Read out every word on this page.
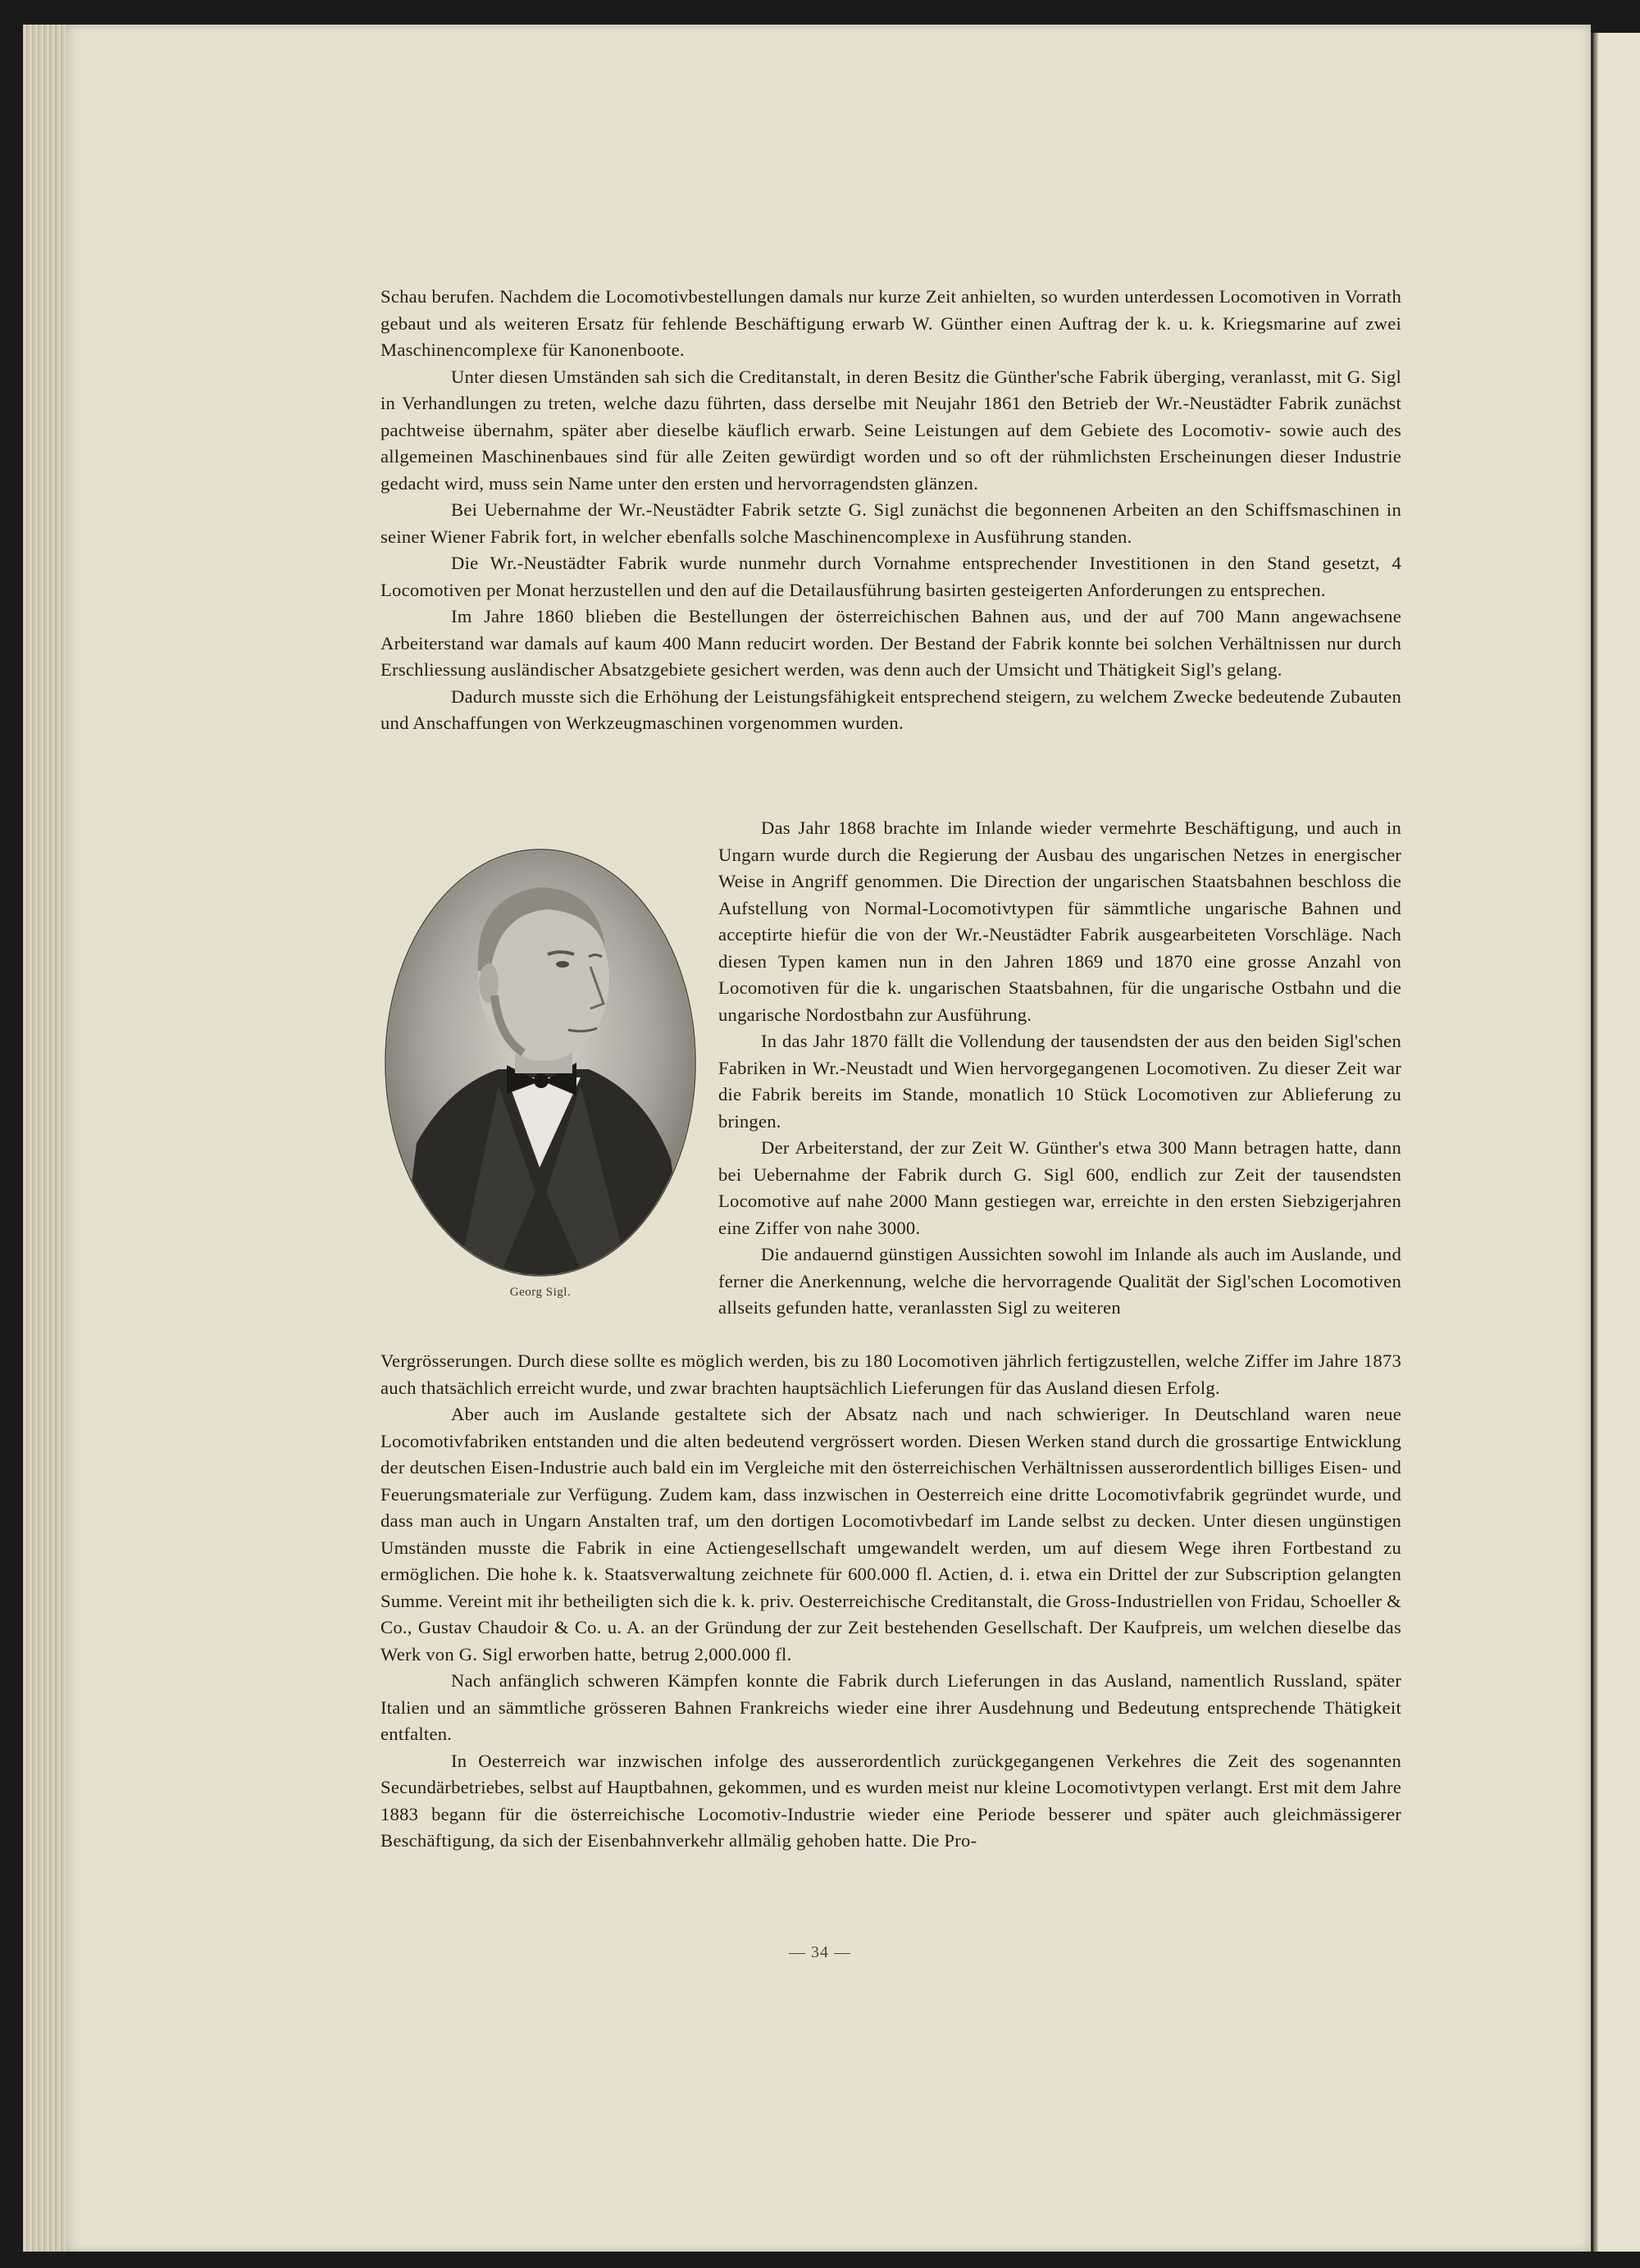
Schau berufen. Nachdem die Locomotivbestellungen damals nur kurze Zeit anhielten, so wurden unterdessen Locomotiven in Vorrath gebaut und als weiteren Ersatz für fehlende Beschäftigung erwarb W. Günther einen Auftrag der k. u. k. Kriegsmarine auf zwei Maschinencomplexe für Kanonenboote.

Unter diesen Umständen sah sich die Creditanstalt, in deren Besitz die Günther'sche Fabrik überging, veranlasst, mit G. Sigl in Verhandlungen zu treten, welche dazu führten, dass derselbe mit Neujahr 1861 den Betrieb der Wr.-Neustädter Fabrik zunächst pachtweise übernahm, später aber dieselbe käuflich erwarb. Seine Leistungen auf dem Gebiete des Locomotiv- sowie auch des allgemeinen Maschinenbaues sind für alle Zeiten gewürdigt worden und so oft der rühmlichsten Erscheinungen dieser Industrie gedacht wird, muss sein Name unter den ersten und hervorragendsten glänzen.

Bei Uebernahme der Wr.-Neustädter Fabrik setzte G. Sigl zunächst die begonnenen Arbeiten an den Schiffsmaschinen in seiner Wiener Fabrik fort, in welcher ebenfalls solche Maschinencomplexe in Ausführung standen.

Die Wr.-Neustädter Fabrik wurde nunmehr durch Vornahme entsprechender Investitionen in den Stand gesetzt, 4 Locomotiven per Monat herzustellen und den auf die Detailausführung basirten gesteigerten Anforderungen zu entsprechen.

Im Jahre 1860 blieben die Bestellungen der österreichischen Bahnen aus, und der auf 700 Mann angewachsene Arbeiterstand war damals auf kaum 400 Mann reducirt worden. Der Bestand der Fabrik konnte bei solchen Verhältnissen nur durch Erschliessung ausländischer Absatzgebiete gesichert werden, was denn auch der Umsicht und Thätigkeit Sigl's gelang.

Dadurch musste sich die Erhöhung der Leistungsfähigkeit entsprechend steigern, zu welchem Zwecke bedeutende Zubauten und Anschaffungen von Werkzeugmaschinen vorgenommen wurden.

Georg Sigl.

Das Jahr 1868 brachte im Inlande wieder vermehrte Beschäftigung, und auch in Ungarn wurde durch die Regierung der Ausbau des ungarischen Netzes in energischer Weise in Angriff genommen. Die Direction der ungarischen Staatsbahnen beschloss die Aufstellung von Normal-Locomotivtypen für sämmtliche ungarische Bahnen und acceptirte hiefür die von der Wr.-Neustädter Fabrik ausgearbeiteten Vorschläge. Nach diesen Typen kamen nun in den Jahren 1869 und 1870 eine grosse Anzahl von Locomotiven für die k. ungarischen Staatsbahnen, für die ungarische Ostbahn und die ungarische Nordostbahn zur Ausführung.

In das Jahr 1870 fällt die Vollendung der tausendsten der aus den beiden Sigl'schen Fabriken in Wr.-Neustadt und Wien hervorgegangenen Locomotiven. Zu dieser Zeit war die Fabrik bereits im Stande, monatlich 10 Stück Locomotiven zur Ablieferung zu bringen.

Der Arbeiterstand, der zur Zeit W. Günther's etwa 300 Mann betragen hatte, dann bei Uebernahme der Fabrik durch G. Sigl 600, endlich zur Zeit der tausendsten Locomotive auf nahe 2000 Mann gestiegen war, erreichte in den ersten Siebzigerjahren eine Ziffer von nahe 3000.

Die andauernd günstigen Aussichten sowohl im Inlande als auch im Auslande, und ferner die Anerkennung, welche die hervorragende Qualität der Sigl'schen Locomotiven allseits gefunden hatte, veranlassten Sigl zu weiteren

Vergrösserungen. Durch diese sollte es möglich werden, bis zu 180 Locomotiven jährlich fertigzustellen, welche Ziffer im Jahre 1873 auch thatsächlich erreicht wurde, und zwar brachten hauptsächlich Lieferungen für das Ausland diesen Erfolg.

Aber auch im Auslande gestaltete sich der Absatz nach und nach schwieriger. In Deutschland waren neue Locomotivfabriken entstanden und die alten bedeutend vergrössert worden. Diesen Werken stand durch die grossartige Entwicklung der deutschen Eisen-Industrie auch bald ein im Vergleiche mit den österreichischen Verhältnissen ausserordentlich billiges Eisen- und Feuerungsmateriale zur Verfügung. Zudem kam, dass inzwischen in Oesterreich eine dritte Locomotivfabrik gegründet wurde, und dass man auch in Ungarn Anstalten traf, um den dortigen Locomotivbedarf im Lande selbst zu decken. Unter diesen ungünstigen Umständen musste die Fabrik in eine Actiengesellschaft umgewandelt werden, um auf diesem Wege ihren Fortbestand zu ermöglichen. Die hohe k. k. Staatsverwaltung zeichnete für 600.000 fl. Actien, d. i. etwa ein Drittel der zur Subscription gelangten Summe. Vereint mit ihr betheiligten sich die k. k. priv. Oesterreichische Creditanstalt, die Gross-Industriellen von Fridau, Schoeller & Co., Gustav Chaudoir & Co. u. A. an der Gründung der zur Zeit bestehenden Gesellschaft. Der Kaufpreis, um welchen dieselbe das Werk von G. Sigl erworben hatte, betrug 2,000.000 fl.

Nach anfänglich schweren Kämpfen konnte die Fabrik durch Lieferungen in das Ausland, namentlich Russland, später Italien und an sämmtliche grösseren Bahnen Frankreichs wieder eine ihrer Ausdehnung und Bedeutung entsprechende Thätigkeit entfalten.

In Oesterreich war inzwischen infolge des ausserordentlich zurückgegangenen Verkehres die Zeit des sogenannten Secundärbetriebes, selbst auf Hauptbahnen, gekommen, und es wurden meist nur kleine Locomotivtypen verlangt. Erst mit dem Jahre 1883 begann für die österreichische Locomotiv-Industrie wieder eine Periode besserer und später auch gleichmässigerer Beschäftigung, da sich der Eisenbahnverkehr allmälig gehoben hatte. Die Pro-

— 34 —
